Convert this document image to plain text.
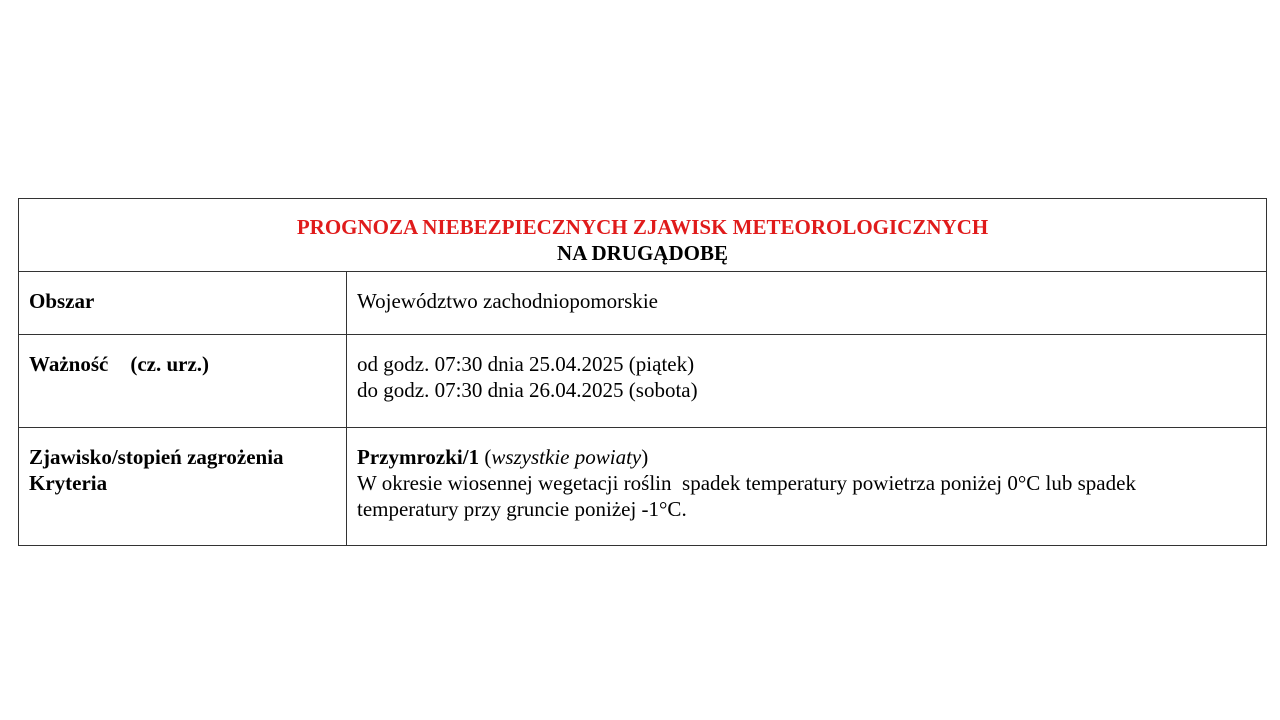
PROGNOZA NIEBEZPIECZNYCH ZJAWISK METEOROLOGICZNYCH
NA DRUGĄDOBĘ	

Obszar	Województwo zachodniopomorskie

Ważność (cz. urz.)	od godz. 07:30 dnia 25.04.2025 (piątek)
do godz. 07:30 dnia 26.04.2025 (sobota)

Zjawisko/stopień zagrożenia
Kryteria	Przymrozki/1 (wszystkie powiaty)
W okresie wiosennej wegetacji roślin  spadek temperatury powietrza poniżej 0°C lub spadek
temperatury przy gruncie poniżej -1°C.
